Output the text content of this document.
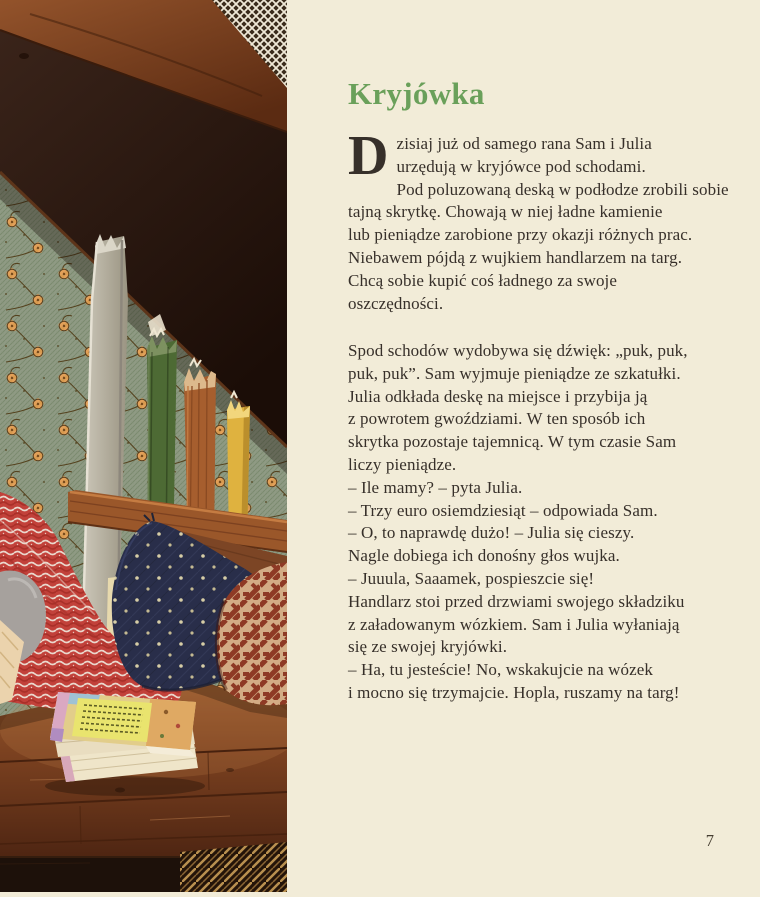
Kryjówka
Dzisiaj już od samego rana Sam i Julia
urzędują w kryjówce pod schodami.
Pod poluzowaną deską w podłodze zrobili sobie
tajną skrytkę. Chowają w niej ładne kamienie
lub pieniądze zarobione przy okazji różnych prac.
Niebawem pójdą z wujkiem handlarzem na targ.
Chcą sobie kupić coś ładnego za swoje
oszczędności.
Spod schodów wydobywa się dźwięk: „puk, puk,
puk, puk”. Sam wyjmuje pieniądze ze szkatułki.
Julia odkłada deskę na miejsce i przybija ją
z powrotem gwoździami. W ten sposób ich
skrytka pozostaje tajemnicą. W tym czasie Sam
liczy pieniądze.
– Ile mamy? – pyta Julia.
– Trzy euro osiemdziesiąt – odpowiada Sam.
– O, to naprawdę dużo! – Julia się cieszy.
Nagle dobiega ich donośny głos wujka.
– Juuula, Saaamek, pospieszcie się!
Handlarz stoi przed drzwiami swojego składziku
z załadowanym wózkiem. Sam i Julia wyłaniają
się ze swojej kryjówki.
– Ha, tu jesteście! No, wskakujcie na wózek
i mocno się trzymajcie. Hopla, ruszamy na targ!
7
